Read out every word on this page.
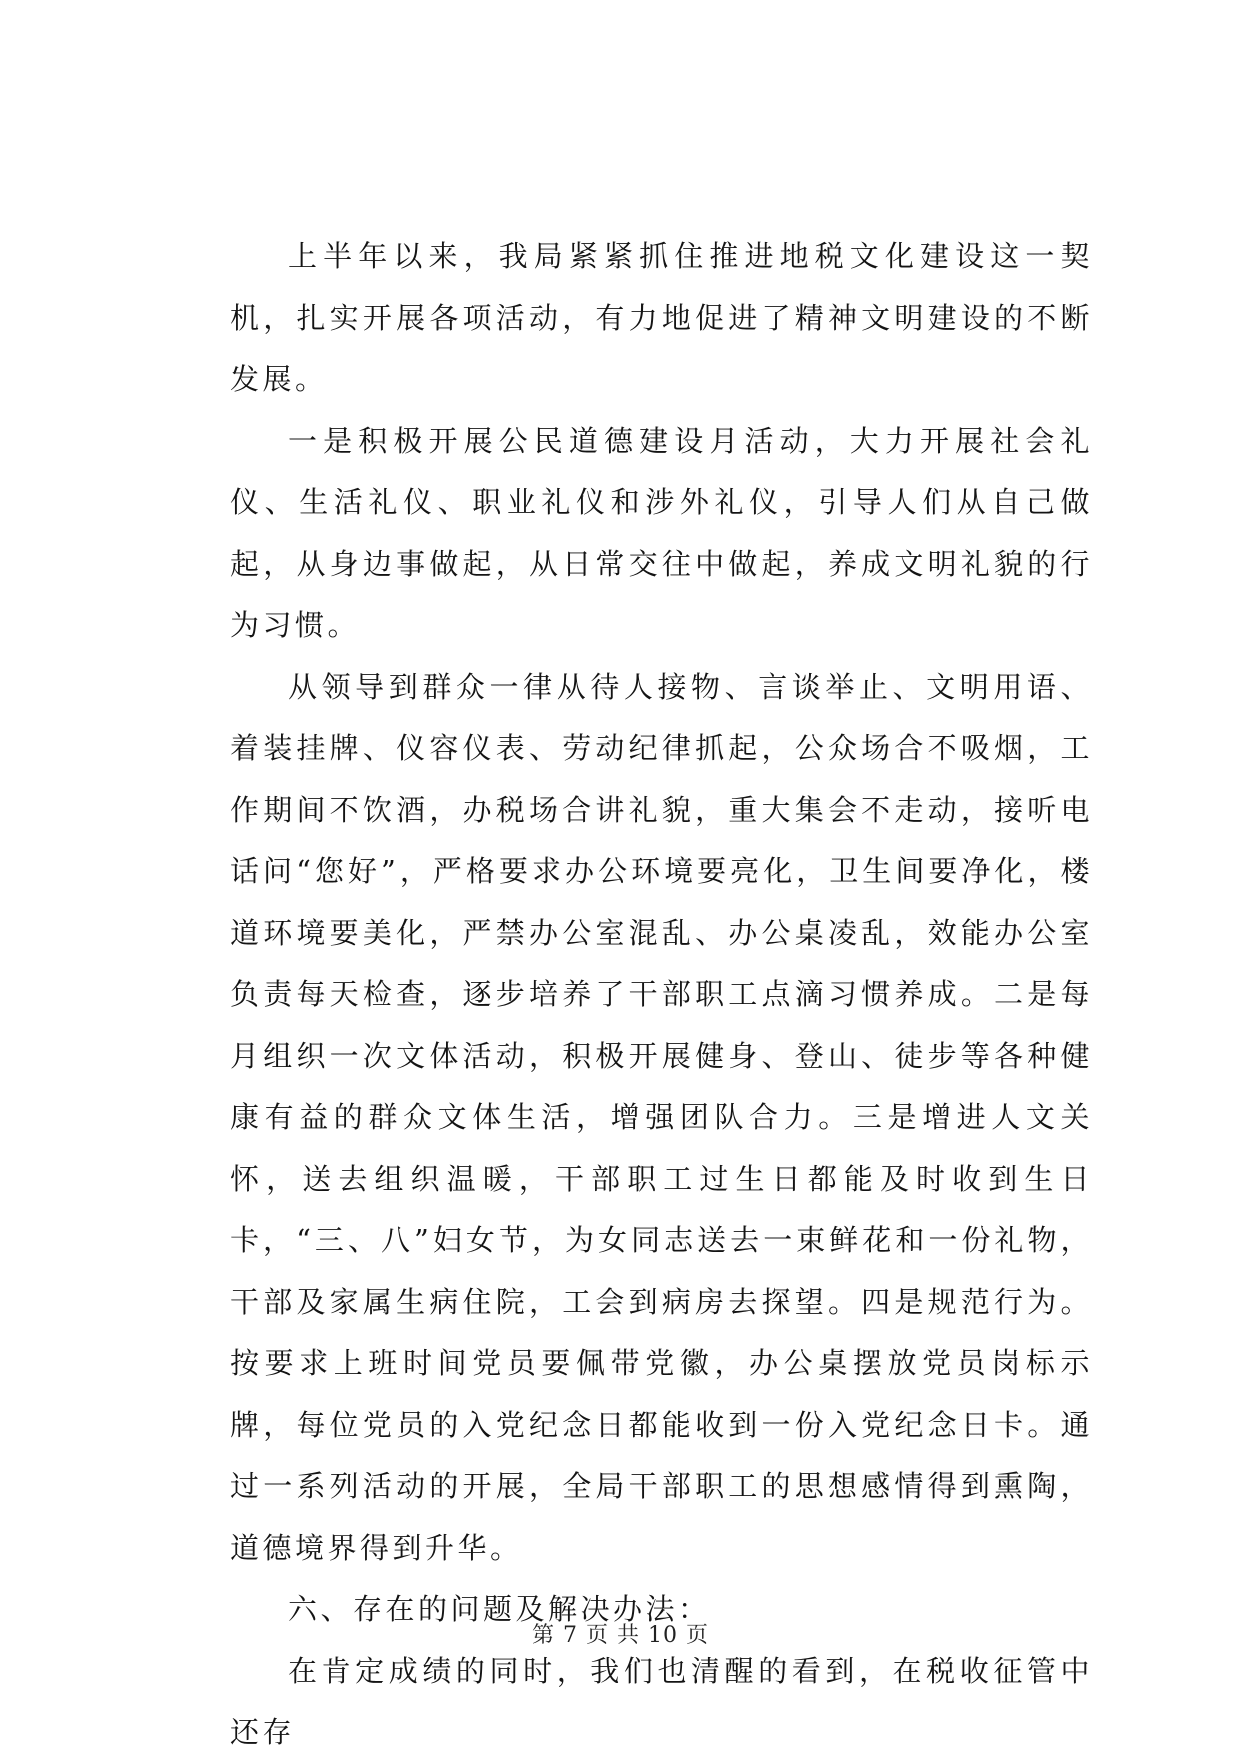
上半年以来，我局紧紧抓住推进地税文化建设这一契机，扎实开展各项活动，有力地促进了精神文明建设的不断发展。

一是积极开展公民道德建设月活动，大力开展社会礼仪、生活礼仪、职业礼仪和涉外礼仪，引导人们从自己做起，从身边事做起，从日常交往中做起，养成文明礼貌的行为习惯。

从领导到群众一律从待人接物、言谈举止、文明用语、着装挂牌、仪容仪表、劳动纪律抓起，公众场合不吸烟，工作期间不饮酒，办税场合讲礼貌，重大集会不走动，接听电话问“您好”，严格要求办公环境要亮化，卫生间要净化，楼道环境要美化，严禁办公室混乱、办公桌凌乱，效能办公室负责每天检查，逐步培养了干部职工点滴习惯养成。二是每月组织一次文体活动，积极开展健身、登山、徒步等各种健康有益的群众文体生活，增强团队合力。三是增进人文关怀，送去组织温暖，干部职工过生日都能及时收到生日卡，“三、八”妇女节，为女同志送去一束鲜花和一份礼物，干部及家属生病住院，工会到病房去探望。四是规范行为。按要求上班时间党员要佩带党徽，办公桌摆放党员岗标示牌，每位党员的入党纪念日都能收到一份入党纪念日卡。通过一系列活动的开展，全局干部职工的思想感情得到熏陶，道德境界得到升华。

六、存在的问题及解决办法：

在肯定成绩的同时，我们也清醒的看到，在税收征管中还存

第 7 页 共 10 页
